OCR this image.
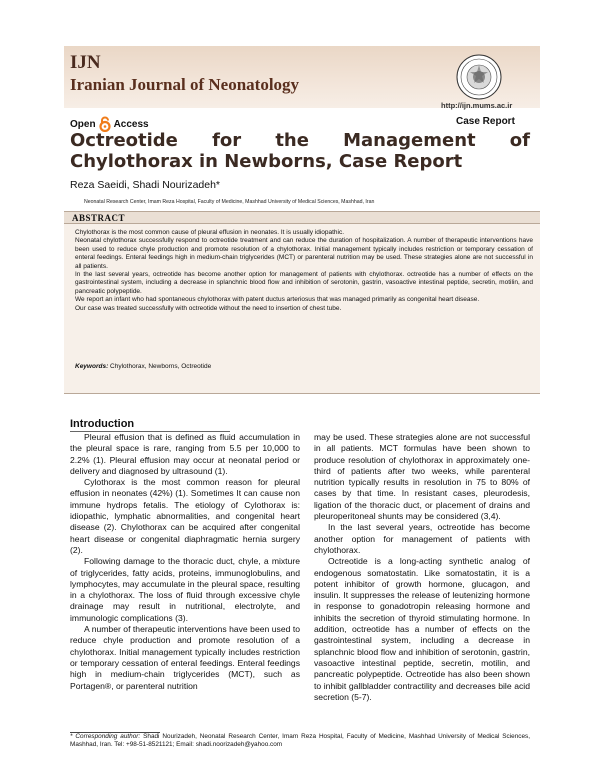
IJN
Iranian Journal of Neonatology
http://ijn.mums.ac.ir
Open Access	Case Report
Octreotide for the Management of Chylothorax in Newborns, Case Report
Reza Saeidi, Shadi Nourizadeh*
Neonatal Research Center, Imam Reza Hospital, Faculty of Medicine, Mashhad University of Medical Sciences, Mashhad, Iran
ABSTRACT

Chylothorax is the most common cause of pleural effusion in neonates. It is usually idiopathic.

Neonatal chylothorax successfully respond to octreotide treatment and can reduce the duration of hospitalization. A number of therapeutic interventions have been used to reduce chyle production and promote resolution of a chylothorax. Initial management typically includes restriction or temporary cessation of enteral feedings. Enteral feedings high in medium-chain triglycerides (MCT) or parenteral nutrition may be used. These strategies alone are not successful in all patients.

In the last several years, octreotide has become another option for management of patients with chylothorax. octreotide has a number of effects on the gastrointestinal system, including a decrease in splanchnic blood flow and inhibition of serotonin, gastrin, vasoactive intestinal peptide, secretin, motilin, and pancreatic polypeptide.

We report an infant who had spontaneous chylothorax with patent ductus arteriosus that was managed primarily as congenital heart disease.

Our case was treated successfully with octreotide without the need to insertion of chest tube.

Keywords: Chylothorax, Newborns, Octreotide
Introduction

Pleural effusion that is defined as fluid accumulation in the pleural space is rare, ranging from 5.5 per 10,000 to 2.2% (1). Pleural effusion may occur at neonatal period or delivery and diagnosed by ultrasound (1).

Cylothorax is the most common reason for pleural effusion in neonates (42%) (1). Sometimes It can cause non immune hydrops fetalis. The etiology of Cylothorax is: idiopathic, lymphatic abnormalities, and congenital heart disease (2). Chylothorax can be acquired after congenital heart disease or congenital diaphragmatic hernia surgery (2).

Following damage to the thoracic duct, chyle, a mixture of triglycerides, fatty acids, proteins, immunoglobulins, and lymphocytes, may accumulate in the pleural space, resulting in a chylothorax. The loss of fluid through excessive chyle drainage may result in nutritional, electrolyte, and immunologic complications (3).

A number of therapeutic interventions have been used to reduce chyle production and promote resolution of a chylothorax. Initial management typically includes restriction or temporary cessation of enteral feedings. Enteral feedings high in medium-chain triglycerides (MCT), such as Portagen®, or parenteral nutrition

may be used. These strategies alone are not successful in all patients. MCT formulas have been shown to produce resolution of chylothorax in approximately one-third of patients after two weeks, while parenteral nutrition typically results in resolution in 75 to 80% of cases by that time. In resistant cases, pleurodesis, ligation of the thoracic duct, or placement of drains and pleuroperitoneal shunts may be considered (3,4).

In the last several years, octreotide has become another option for management of patients with chylothorax.

Octreotide is a long-acting synthetic analog of endogenous somatostatin. Like somatostatin, it is a potent inhibitor of growth hormone, glucagon, and insulin. It suppresses the release of leutenizing hormone in response to gonadotropin releasing hormone and inhibits the secretion of thyroid stimulating hormone. In addition, octreotide has a number of effects on the gastrointestinal system, including a decrease in splanchnic blood flow and inhibition of serotonin, gastrin, vasoactive intestinal peptide, secretin, motilin, and pancreatic polypeptide. Octreotide has also been shown to inhibit gallbladder contractility and decreases bile acid secretion (5-7).

* Corresponding author: Shadi Nourizadeh, Neonatal Research Center, Imam Reza Hospital, Faculty of Medicine, Mashhad University of Medical Sciences, Mashhad, Iran. Tel: +98-51-8521121; Email: shadi.noorizadeh@yahoo.com
